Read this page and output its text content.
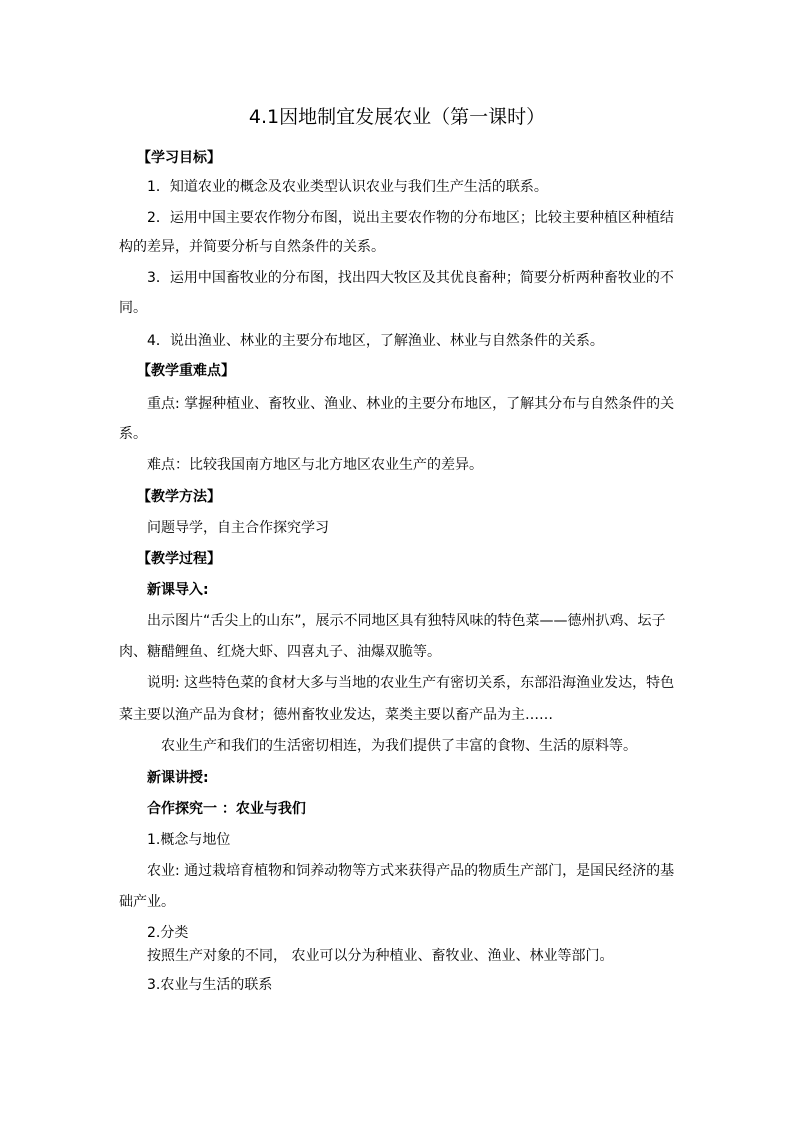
4.1因地制宜发展农业（第一课时）
【学习目标】
1．知道农业的概念及农业类型认识农业与我们生产生活的联系。
2．运用中国主要农作物分布图，说出主要农作物的分布地区；比较主要种植区种植结
构的差异，并简要分析与自然条件的关系。
3．运用中国畜牧业的分布图，找出四大牧区及其优良畜种；简要分析两种畜牧业的不
同。
4．说出渔业、林业的主要分布地区，了解渔业、林业与自然条件的关系。
【教学重难点】
重点: 掌握种植业、畜牧业、渔业、林业的主要分布地区，了解其分布与自然条件的关
系。
难点：比较我国南方地区与北方地区农业生产的差异。
【教学方法】
问题导学，自主合作探究学习
【教学过程】
新课导入:
出示图片“舌尖上的山东”，展示不同地区具有独特风味的特色菜——德州扒鸡、坛子
肉、糖醋鲤鱼、红烧大虾、四喜丸子、油爆双脆等。
说明: 这些特色菜的食材大多与当地的农业生产有密切关系，东部沿海渔业发达，特色
菜主要以渔产品为食材；德州畜牧业发达，菜类主要以畜产品为主……
农业生产和我们的生活密切相连，为我们提供了丰富的食物、生活的原料等。
新课讲授:
合作探究一 ：农业与我们
1.概念与地位
农业: 通过栽培育植物和饲养动物等方式来获得产品的物质生产部门，是国民经济的基
础产业。
2.分类
按照生产对象的不同， 农业可以分为种植业、畜牧业、渔业、林业等部门。
3.农业与生活的联系
